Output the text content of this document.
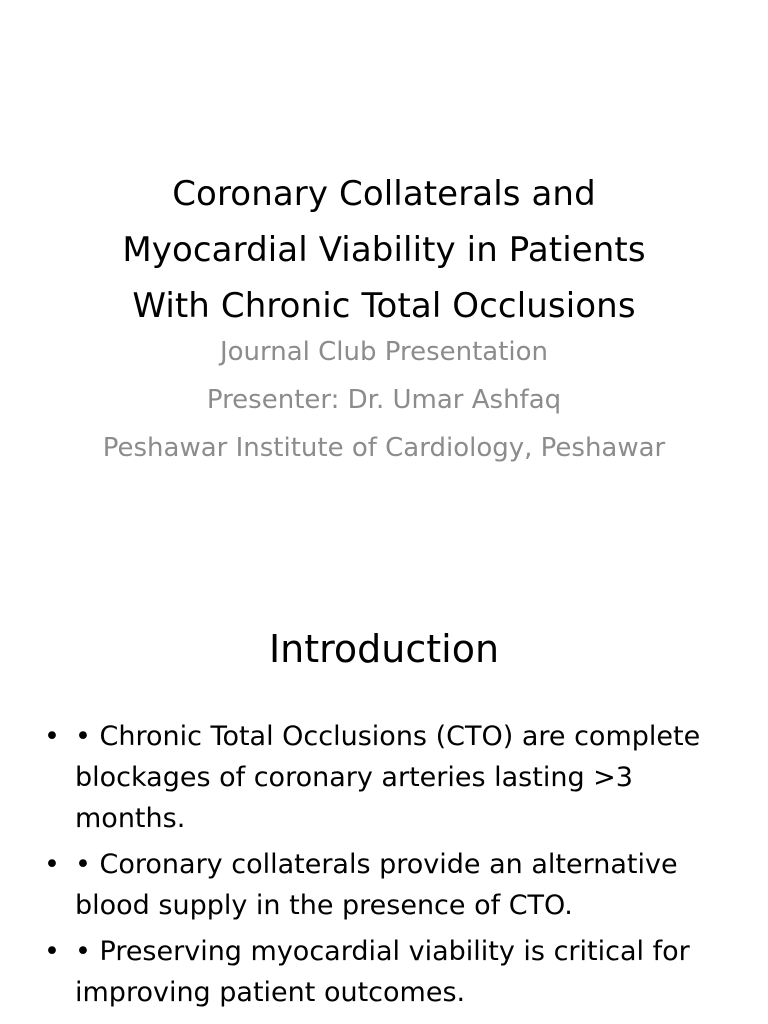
Coronary Collaterals and
Myocardial Viability in Patients
With Chronic Total Occlusions

Journal Club Presentation

Presenter: Dr. Umar Ashfaq

Peshawar Institute of Cardiology, Peshawar

Introduction
• • Chronic Total Occlusions (CTO) are complete blockages of coronary arteries lasting >3 months.
• • Coronary collaterals provide an alternative blood supply in the presence of CTO.
• • Preserving myocardial viability is critical for improving patient outcomes.
